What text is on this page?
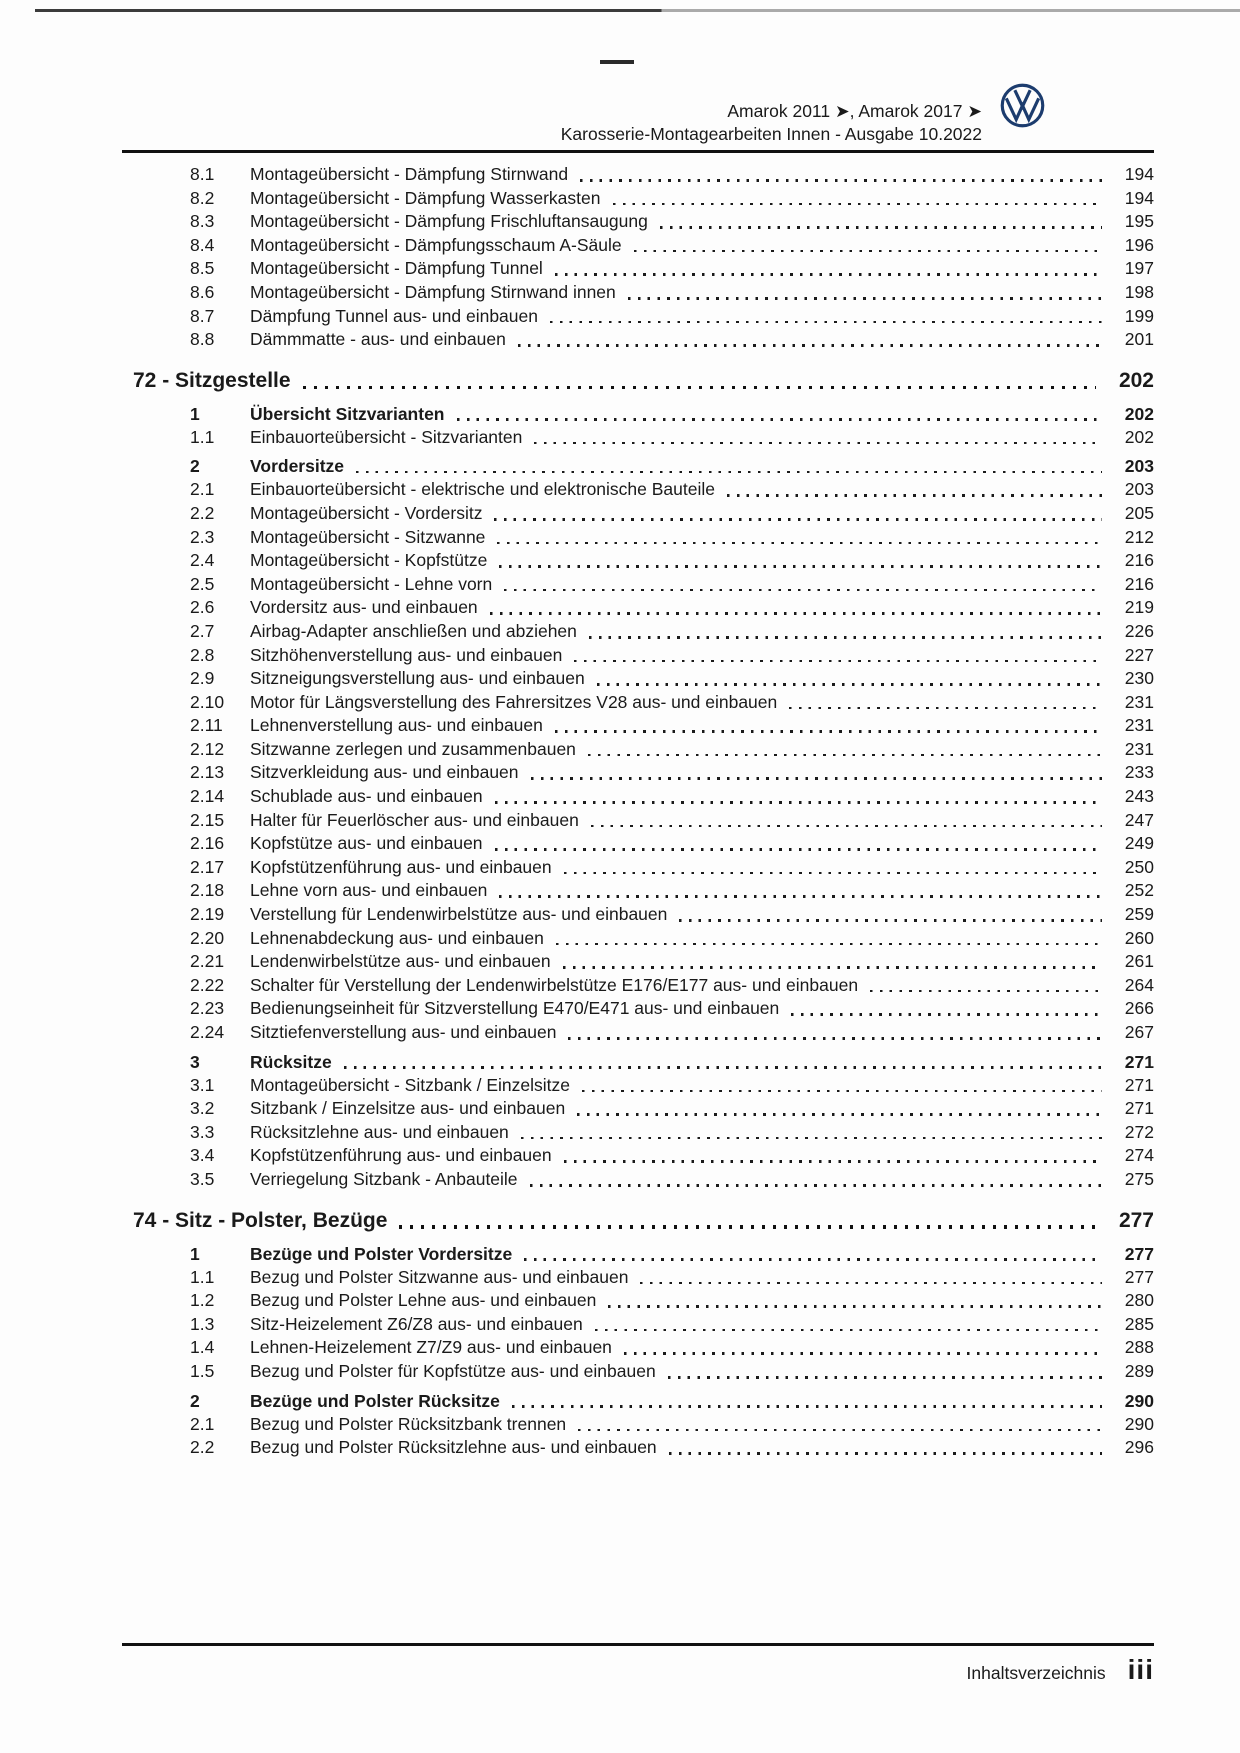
Amarok 2011 ➤, Amarok 2017 ➤
Karosserie-Montagearbeiten Innen - Ausgabe 10.2022
8.1	Montageübersicht - Dämpfung Stirnwand	194
8.2	Montageübersicht - Dämpfung Wasserkasten	194
8.3	Montageübersicht - Dämpfung Frischluftansaugung	195
8.4	Montageübersicht - Dämpfungsschaum A-Säule	196
8.5	Montageübersicht - Dämpfung Tunnel	197
8.6	Montageübersicht - Dämpfung Stirnwand innen	198
8.7	Dämpfung Tunnel aus- und einbauen	199
8.8	Dämmmatte - aus- und einbauen	201
72 - Sitzgestelle	202
1	Übersicht Sitzvarianten	202
1.1	Einbauorteübersicht - Sitzvarianten	202
2	Vordersitze	203
2.1	Einbauorteübersicht - elektrische und elektronische Bauteile	203
2.2	Montageübersicht - Vordersitz	205
2.3	Montageübersicht - Sitzwanne	212
2.4	Montageübersicht - Kopfstütze	216
2.5	Montageübersicht - Lehne vorn	216
2.6	Vordersitz aus- und einbauen	219
2.7	Airbag-Adapter anschließen und abziehen	226
2.8	Sitzhöhenverstellung aus- und einbauen	227
2.9	Sitzneigungsverstellung aus- und einbauen	230
2.10	Motor für Längsverstellung des Fahrersitzes V28 aus- und einbauen	231
2.11	Lehnenverstellung aus- und einbauen	231
2.12	Sitzwanne zerlegen und zusammenbauen	231
2.13	Sitzverkleidung aus- und einbauen	233
2.14	Schublade aus- und einbauen	243
2.15	Halter für Feuerlöscher aus- und einbauen	247
2.16	Kopfstütze aus- und einbauen	249
2.17	Kopfstützenführung aus- und einbauen	250
2.18	Lehne vorn aus- und einbauen	252
2.19	Verstellung für Lendenwirbelstütze aus- und einbauen	259
2.20	Lehnenabdeckung aus- und einbauen	260
2.21	Lendenwirbelstütze aus- und einbauen	261
2.22	Schalter für Verstellung der Lendenwirbelstütze E176/E177 aus- und einbauen	264
2.23	Bedienungseinheit für Sitzverstellung E470/E471 aus- und einbauen	266
2.24	Sitztiefenverstellung aus- und einbauen	267
3	Rücksitze	271
3.1	Montageübersicht - Sitzbank / Einzelsitze	271
3.2	Sitzbank / Einzelsitze aus- und einbauen	271
3.3	Rücksitzlehne aus- und einbauen	272
3.4	Kopfstützenführung aus- und einbauen	274
3.5	Verriegelung Sitzbank - Anbauteile	275
74 - Sitz - Polster, Bezüge	277
1	Bezüge und Polster Vordersitze	277
1.1	Bezug und Polster Sitzwanne aus- und einbauen	277
1.2	Bezug und Polster Lehne aus- und einbauen	280
1.3	Sitz-Heizelement Z6/Z8 aus- und einbauen	285
1.4	Lehnen-Heizelement Z7/Z9 aus- und einbauen	288
1.5	Bezug und Polster für Kopfstütze aus- und einbauen	289
2	Bezüge und Polster Rücksitze	290
2.1	Bezug und Polster Rücksitzbank trennen	290
2.2	Bezug und Polster Rücksitzlehne aus- und einbauen	296
Inhaltsverzeichnis iii
